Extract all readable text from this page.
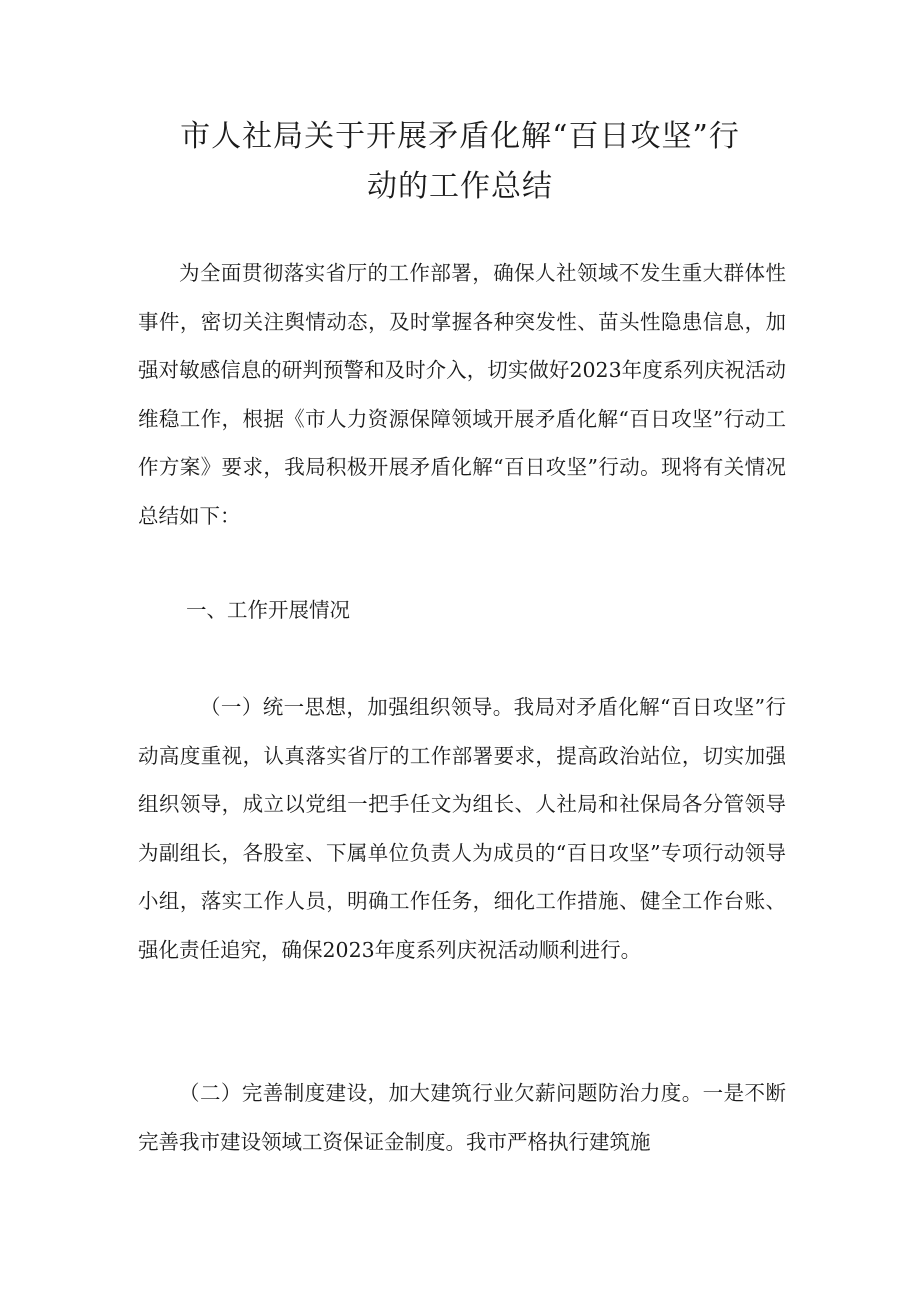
市人社局关于开展矛盾化解“百日攻坚”行
动的工作总结

为全面贯彻落实省厅的工作部署，确保人社领域不发生重大群体性事件，密切关注舆情动态，及时掌握各种突发性、苗头性隐患信息，加强对敏感信息的研判预警和及时介入，切实做好2023年度系列庆祝活动维稳工作，根据《市人力资源保障领域开展矛盾化解“百日攻坚”行动工作方案》要求，我局积极开展矛盾化解“百日攻坚”行动。现将有关情况总结如下：

一、工作开展情况

（一）统一思想，加强组织领导。我局对矛盾化解“百日攻坚”行动高度重视，认真落实省厅的工作部署要求，提高政治站位，切实加强组织领导，成立以党组一把手任文为组长、人社局和社保局各分管领导为副组长，各股室、下属单位负责人为成员的“百日攻坚”专项行动领导小组，落实工作人员，明确工作任务，细化工作措施、健全工作台账、强化责任追究，确保2023年度系列庆祝活动顺利进行。

（二）完善制度建设，加大建筑行业欠薪问题防治力度。一是不断完善我市建设领域工资保证金制度。我市严格执行建筑施
